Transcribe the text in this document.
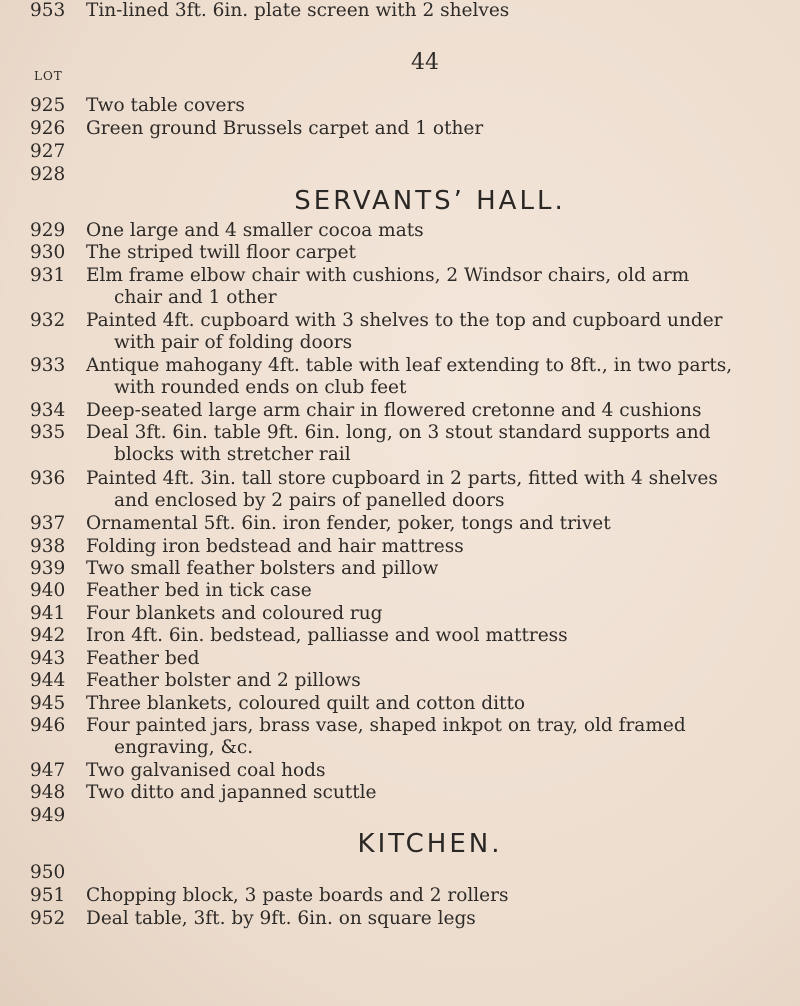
44
LOT
SERVANTS’ HALL.
KITCHEN.
925	Two table covers
926	Green ground Brussels carpet and 1 other
927
928
929	One large and 4 smaller cocoa mats
930	The striped twill floor carpet
931	Elm frame elbow chair with cushions, 2 Windsor chairs, old arm
chair and 1 other
932	Painted 4ft. cupboard with 3 shelves to the top and cupboard under
with pair of folding doors
933	Antique mahogany 4ft. table with leaf extending to 8ft., in two parts,
with rounded ends on club feet
934	Deep-seated large arm chair in flowered cretonne and 4 cushions
935	Deal 3ft. 6in. table 9ft. 6in. long, on 3 stout standard supports and
blocks with stretcher rail
936	Painted 4ft. 3in. tall store cupboard in 2 parts, fitted with 4 shelves
and enclosed by 2 pairs of panelled doors
937	Ornamental 5ft. 6in. iron fender, poker, tongs and trivet
938	Folding iron bedstead and hair mattress
939	Two small feather bolsters and pillow
940	Feather bed in tick case
941	Four blankets and coloured rug
942	Iron 4ft. 6in. bedstead, palliasse and wool mattress
943	Feather bed
944	Feather bolster and 2 pillows
945	Three blankets, coloured quilt and cotton ditto
946	Four painted jars, brass vase, shaped inkpot on tray, old framed
engraving, &c.
947	Two galvanised coal hods
948	Two ditto and japanned scuttle
949
950
951	Chopping block, 3 paste boards and 2 rollers
952	Deal table, 3ft. by 9ft. 6in. on square legs
953	Tin-lined 3ft. 6in. plate screen with 2 shelves
